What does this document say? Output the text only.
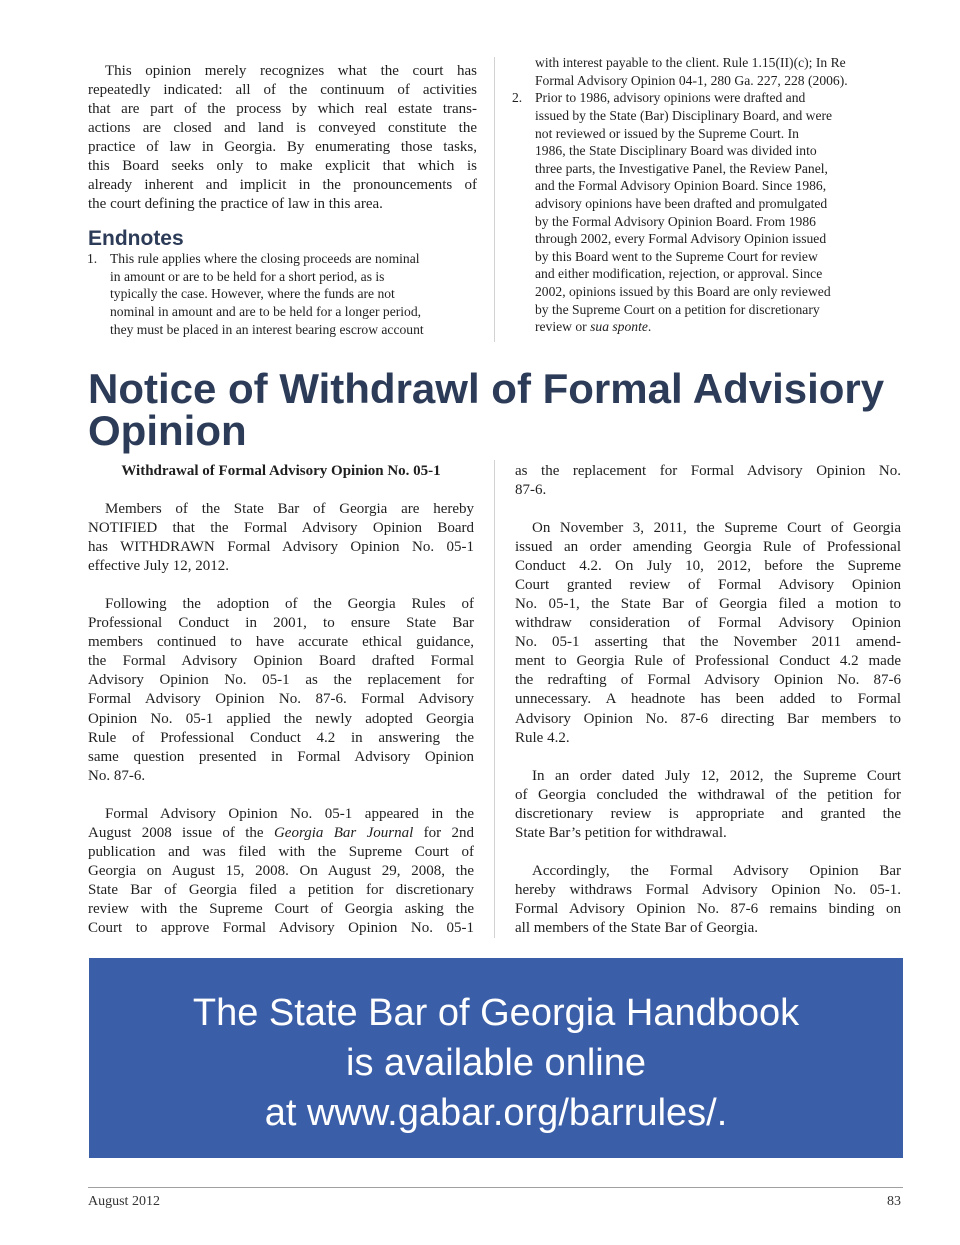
This opinion merely recognizes what the court has
repeatedly indicated: all of the continuum of activities
that are part of the process by which real estate trans-
actions are closed and land is conveyed constitute the
practice of law in Georgia. By enumerating those tasks,
this Board seeks only to make explicit that which is
already inherent and implicit in the pronouncements of
the court defining the practice of law in this area.
Endnotes
1. This rule applies where the closing proceeds are nominal
in amount or are to be held for a short period, as is
typically the case. However, where the funds are not
nominal in amount and are to be held for a longer period,
they must be placed in an interest bearing escrow account
with interest payable to the client. Rule 1.15(II)(c); In Re
Formal Advisory Opinion 04-1, 280 Ga. 227, 228 (2006).
2. Prior to 1986, advisory opinions were drafted and
issued by the State (Bar) Disciplinary Board, and were
not reviewed or issued by the Supreme Court. In
1986, the State Disciplinary Board was divided into
three parts, the Investigative Panel, the Review Panel,
and the Formal Advisory Opinion Board. Since 1986,
advisory opinions have been drafted and promulgated
by the Formal Advisory Opinion Board. From 1986
through 2002, every Formal Advisory Opinion issued
by this Board went to the Supreme Court for review
and either modification, rejection, or approval. Since
2002, opinions issued by this Board are only reviewed
by the Supreme Court on a petition for discretionary
review or sua sponte.
Notice of Withdrawl of Formal Advisiory
Opinion
Withdrawal of Formal Advisory Opinion No. 05-1
Members of the State Bar of Georgia are hereby
NOTIFIED that the Formal Advisory Opinion Board
has WITHDRAWN Formal Advisory Opinion No. 05-1
effective July 12, 2012.
Following the adoption of the Georgia Rules of
Professional Conduct in 2001, to ensure State Bar
members continued to have accurate ethical guidance,
the Formal Advisory Opinion Board drafted Formal
Advisory Opinion No. 05-1 as the replacement for
Formal Advisory Opinion No. 87-6. Formal Advisory
Opinion No. 05-1 applied the newly adopted Georgia
Rule of Professional Conduct 4.2 in answering the
same question presented in Formal Advisory Opinion
No. 87-6.
Formal Advisory Opinion No. 05-1 appeared in the
August 2008 issue of the Georgia Bar Journal for 2nd
publication and was filed with the Supreme Court of
Georgia on August 15, 2008. On August 29, 2008, the
State Bar of Georgia filed a petition for discretionary
review with the Supreme Court of Georgia asking the
Court to approve Formal Advisory Opinion No. 05-1
as the replacement for Formal Advisory Opinion No.
87-6.
On November 3, 2011, the Supreme Court of Georgia
issued an order amending Georgia Rule of Professional
Conduct 4.2. On July 10, 2012, before the Supreme
Court granted review of Formal Advisory Opinion
No. 05-1, the State Bar of Georgia filed a motion to
withdraw consideration of Formal Advisory Opinion
No. 05-1 asserting that the November 2011 amend-
ment to Georgia Rule of Professional Conduct 4.2 made
the redrafting of Formal Advisory Opinion No. 87-6
unnecessary. A headnote has been added to Formal
Advisory Opinion No. 87-6 directing Bar members to
Rule 4.2.
In an order dated July 12, 2012, the Supreme Court
of Georgia concluded the withdrawal of the petition for
discretionary review is appropriate and granted the
State Bar’s petition for withdrawal.
Accordingly, the Formal Advisory Opinion Bar
hereby withdraws Formal Advisory Opinion No. 05-1.
Formal Advisory Opinion No. 87-6 remains binding on
all members of the State Bar of Georgia.
The State Bar of Georgia Handbook
is available online
at www.gabar.org/barrules/.
August 2012	83
